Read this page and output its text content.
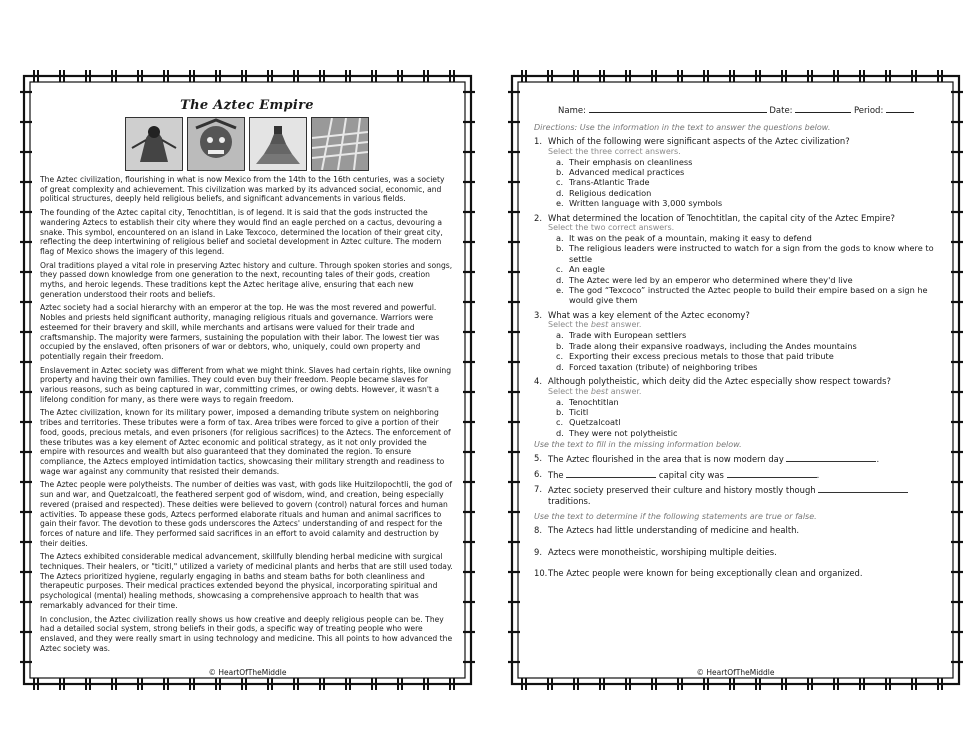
The Aztec Empire

The Aztec civilization, flourishing in what is now Mexico from the 14th to the 16th centuries, was a society of great complexity and achievement. This civilization was marked by its advanced social, economic, and political structures, deeply held religious beliefs, and significant advancements in various fields.

The founding of the Aztec capital city, Tenochtitlan, is of legend. It is said that the gods instructed the wandering Aztecs to establish their city where they would find an eagle perched on a cactus, devouring a snake. This symbol, encountered on an island in Lake Texcoco, determined the location of their great city, reflecting the deep intertwining of religious belief and societal development in Aztec culture. The modern flag of Mexico shows the imagery of this legend.

Oral traditions played a vital role in preserving Aztec history and culture. Through spoken stories and songs, they passed down knowledge from one generation to the next, recounting tales of their gods, creation myths, and heroic legends. These traditions kept the Aztec heritage alive, ensuring that each new generation understood their roots and beliefs.

Aztec society had a social hierarchy with an emperor at the top. He was the most revered and powerful. Nobles and priests held significant authority, managing religious rituals and governance. Warriors were esteemed for their bravery and skill, while merchants and artisans were valued for their trade and craftsmanship. The majority were farmers, sustaining the population with their labor. The lowest tier was occupied by the enslaved, often prisoners of war or debtors, who, uniquely, could own property and potentially regain their freedom.

Enslavement in Aztec society was different from what we might think. Slaves had certain rights, like owning property and having their own families. They could even buy their freedom. People became slaves for various reasons, such as being captured in war, committing crimes, or owing debts. However, it wasn't a lifelong condition for many, as there were ways to regain freedom.

The Aztec civilization, known for its military power, imposed a demanding tribute system on neighboring tribes and territories. These tributes were a form of tax. Area tribes were forced to give a portion of their food, goods, precious metals, and even prisoners (for religious sacrifices) to the Aztecs. The enforcement of these tributes was a key element of Aztec economic and political strategy, as it not only provided the empire with resources and wealth but also guaranteed that they dominated the region. To ensure compliance, the Aztecs employed intimidation tactics, showcasing their military strength and readiness to wage war against any community that resisted their demands.

The Aztec people were polytheists. The number of deities was vast, with gods like Huitzilopochtli, the god of sun and war, and Quetzalcoatl, the feathered serpent god of wisdom, wind, and creation, being especially revered (praised and respected). These deities were believed to govern (control) natural forces and human activities. To appease these gods, Aztecs performed elaborate rituals and human and animal sacrifices to gain their favor. The devotion to these gods underscores the Aztecs' understanding of and respect for the forces of nature and life. They performed said sacrifices in an effort to avoid calamity and destruction by their deities.

The Aztecs exhibited considerable medical advancement, skillfully blending herbal medicine with surgical techniques. Their healers, or "ticitl," utilized a variety of medicinal plants and herbs that are still used today. The Aztecs prioritized hygiene, regularly engaging in baths and steam baths for both cleanliness and therapeutic purposes. Their medical practices extended beyond the physical, incorporating spiritual and psychological (mental) healing methods, showcasing a comprehensive approach to health that was remarkably advanced for their time.

In conclusion, the Aztec civilization really shows us how creative and deeply religious people can be. They had a detailed social system, strong beliefs in their gods, a specific way of treating people who were enslaved, and they were really smart in using technology and medicine. This all points to how advanced the Aztec society was.

© HeartOfTheMiddle
Name:	Date:	Period:
Directions: Use the information in the text to answer the questions below.
1. Which of the following were significant aspects of the Aztec civilization?
Select the three correct answers.
a. Their emphasis on cleanliness
b. Advanced medical practices
c. Trans-Atlantic Trade
d. Religious dedication
e. Written language with 3,000 symbols
2. What determined the location of Tenochtitlan, the capital city of the Aztec Empire?
Select the two correct answers.
a. It was on the peak of a mountain, making it easy to defend
b. The religious leaders were instructed to watch for a sign from the gods to know where to settle
c. An eagle
d. The Aztec were led by an emperor who determined where they'd live
e. The god “Texcoco” instructed the Aztec people to build their empire based on a sign he would give them
3. What was a key element of the Aztec economy?
Select the best answer.
a. Trade with European settlers
b. Trade along their expansive roadways, including the Andes mountains
c. Exporting their excess precious metals to those that paid tribute
d. Forced taxation (tribute) of neighboring tribes
4. Although polytheistic, which deity did the Aztec especially show respect towards?
Select the best answer.
a. Tenochtitlan
b. Ticitl
c. Quetzalcoatl
d. They were not polytheistic
Use the text to fill in the missing information below.
5. The Aztec flourished in the area that is now modern day	.
6. The	capital city was	.
7. Aztec society preserved their culture and history mostly though  traditions.
Use the text to determine if the following statements are true or false.
8. The Aztecs had little understanding of medicine and health.
9. Aztecs were monotheistic, worshiping multiple deities.
10. The Aztec people were known for being exceptionally clean and organized.
© HeartOfTheMiddle
